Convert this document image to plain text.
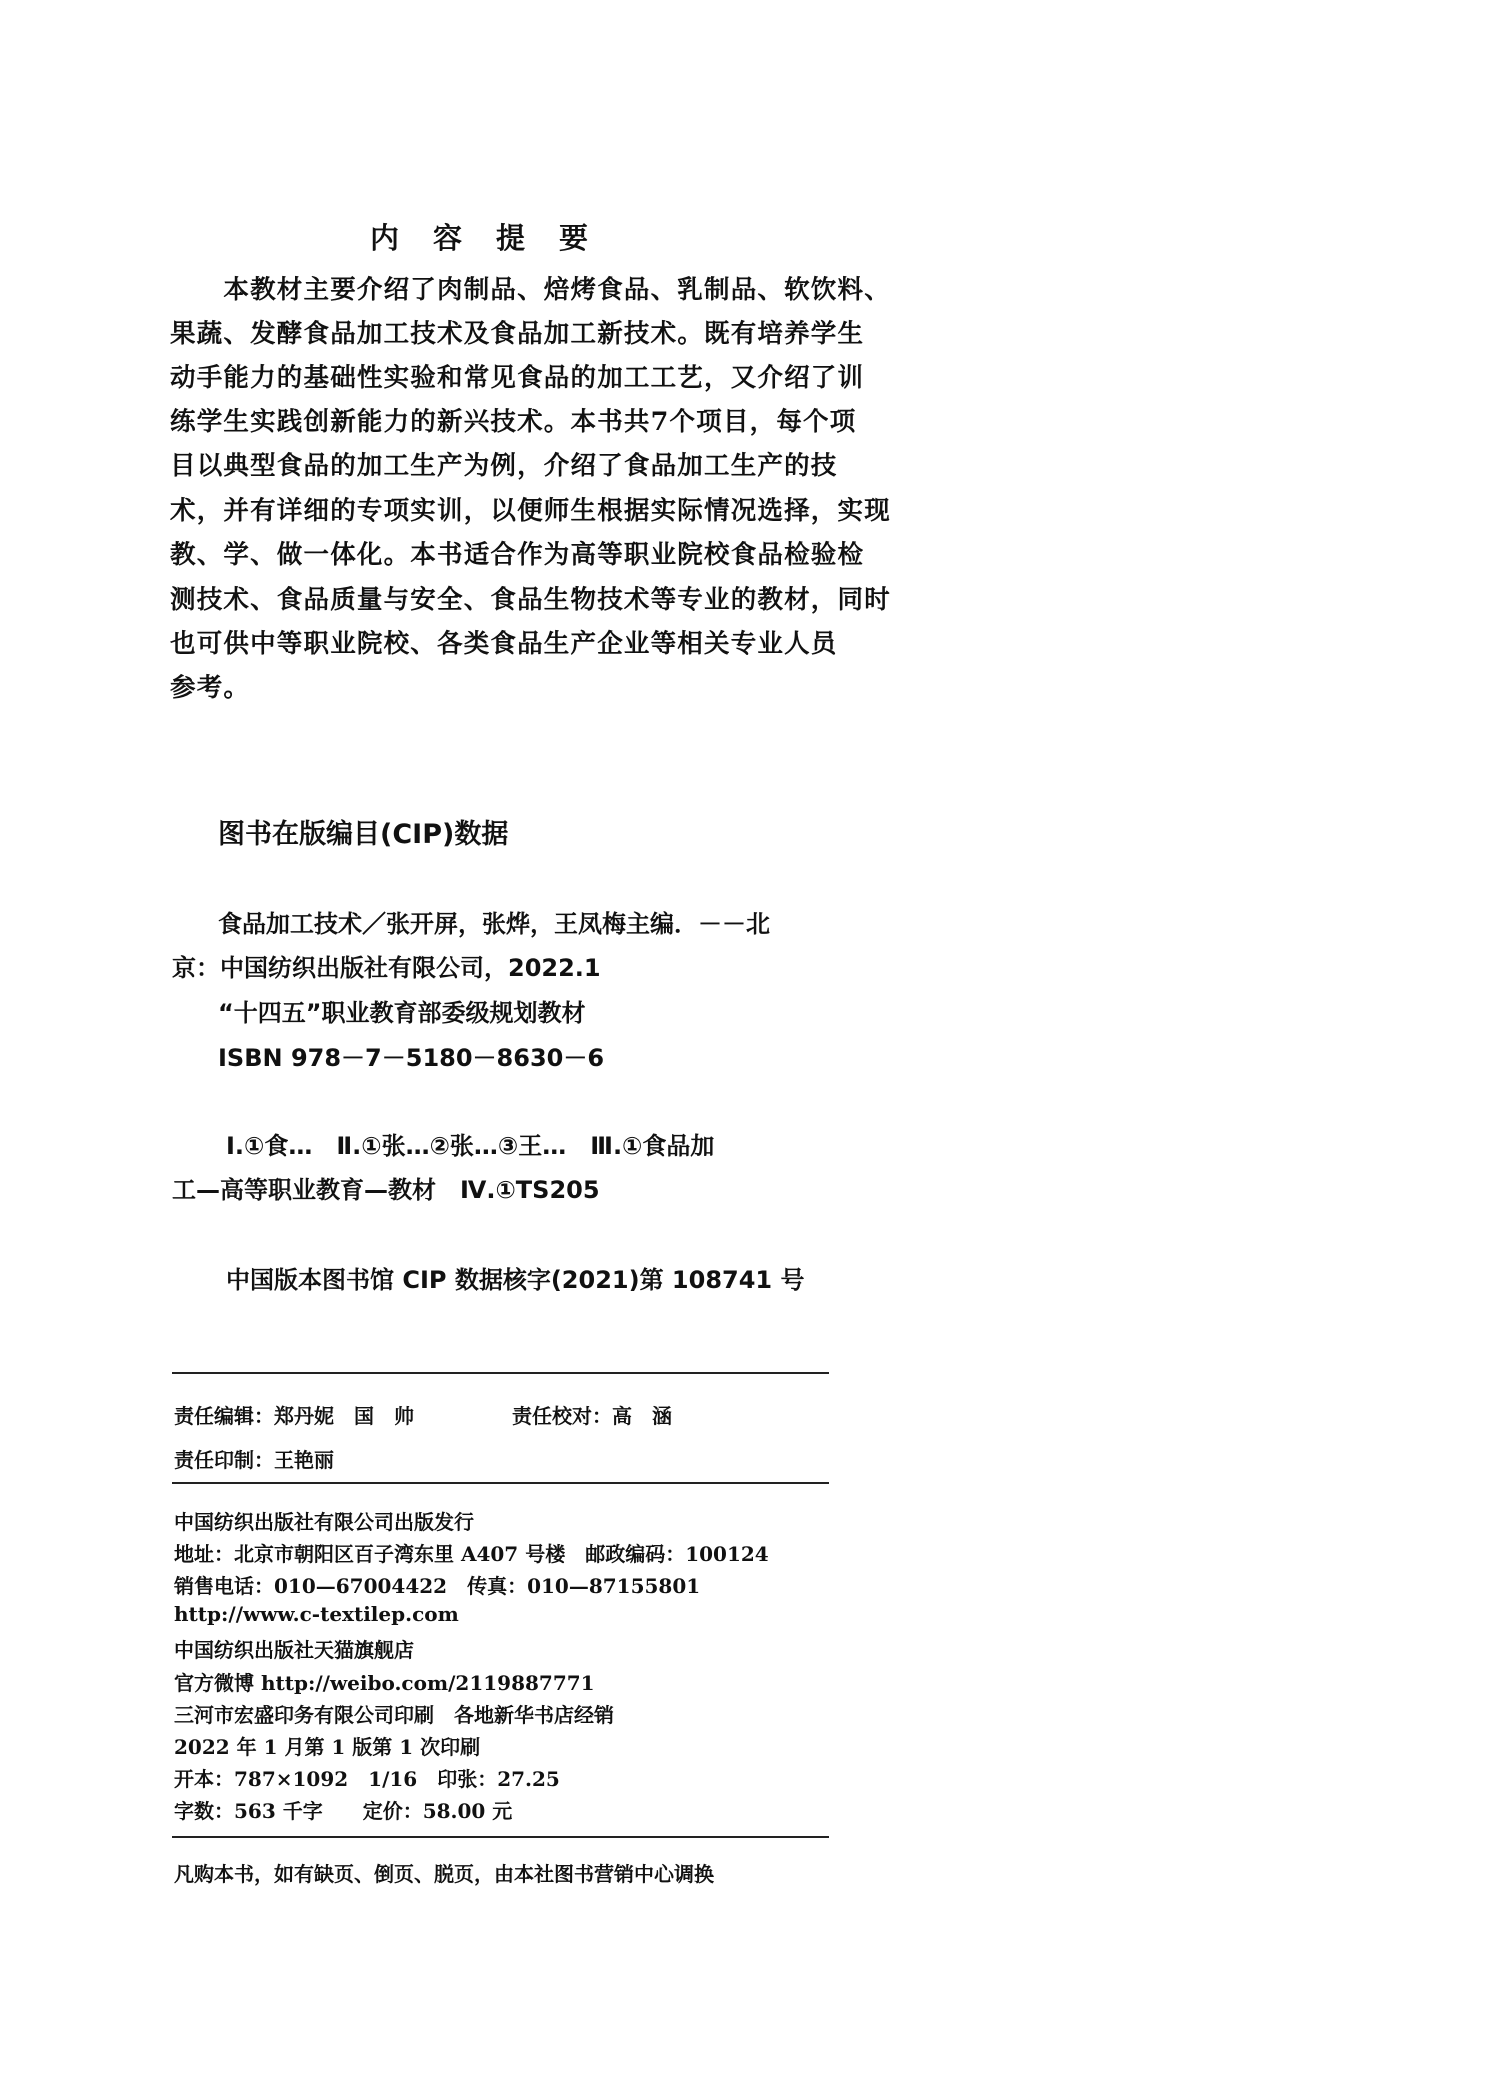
内容提要
　　本教材主要介绍了肉制品、焙烤食品、乳制品、软饮料、
果蔬、发酵食品加工技术及食品加工新技术。既有培养学生
动手能力的基础性实验和常见食品的加工工艺，又介绍了训
练学生实践创新能力的新兴技术。本书共7个项目，每个项
目以典型食品的加工生产为例，介绍了食品加工生产的技
术，并有详细的专项实训，以便师生根据实际情况选择，实现
教、学、做一体化。本书适合作为高等职业院校食品检验检
测技术、食品质量与安全、食品生物技术等专业的教材，同时
也可供中等职业院校、各类食品生产企业等相关专业人员
参考。
图书在版编目(CIP)数据
食品加工技术／张开屏，张烨，王凤梅主编．－－北
京：中国纺织出版社有限公司，2022.1
“十四五”职业教育部委级规划教材
ISBN 978－7－5180－8630－6
Ⅰ.①食…　Ⅱ.①张…②张…③王…　Ⅲ.①食品加
工—高等职业教育—教材　Ⅳ.①TS205
中国版本图书馆 CIP 数据核字(2021)第 108741 号
责任编辑：郑丹妮　国　帅	责任校对：高　涵
责任印制：王艳丽
中国纺织出版社有限公司出版发行
地址：北京市朝阳区百子湾东里 A407 号楼　邮政编码：100124
销售电话：010—67004422　传真：010—87155801
http://www.c-textilep.com
中国纺织出版社天猫旗舰店
官方微博 http://weibo.com/2119887771
三河市宏盛印务有限公司印刷　各地新华书店经销
2022 年 1 月第 1 版第 1 次印刷
开本：787×1092　1/16　印张：27.25
字数：563 千字　　定价：58.00 元
凡购本书，如有缺页、倒页、脱页，由本社图书营销中心调换
